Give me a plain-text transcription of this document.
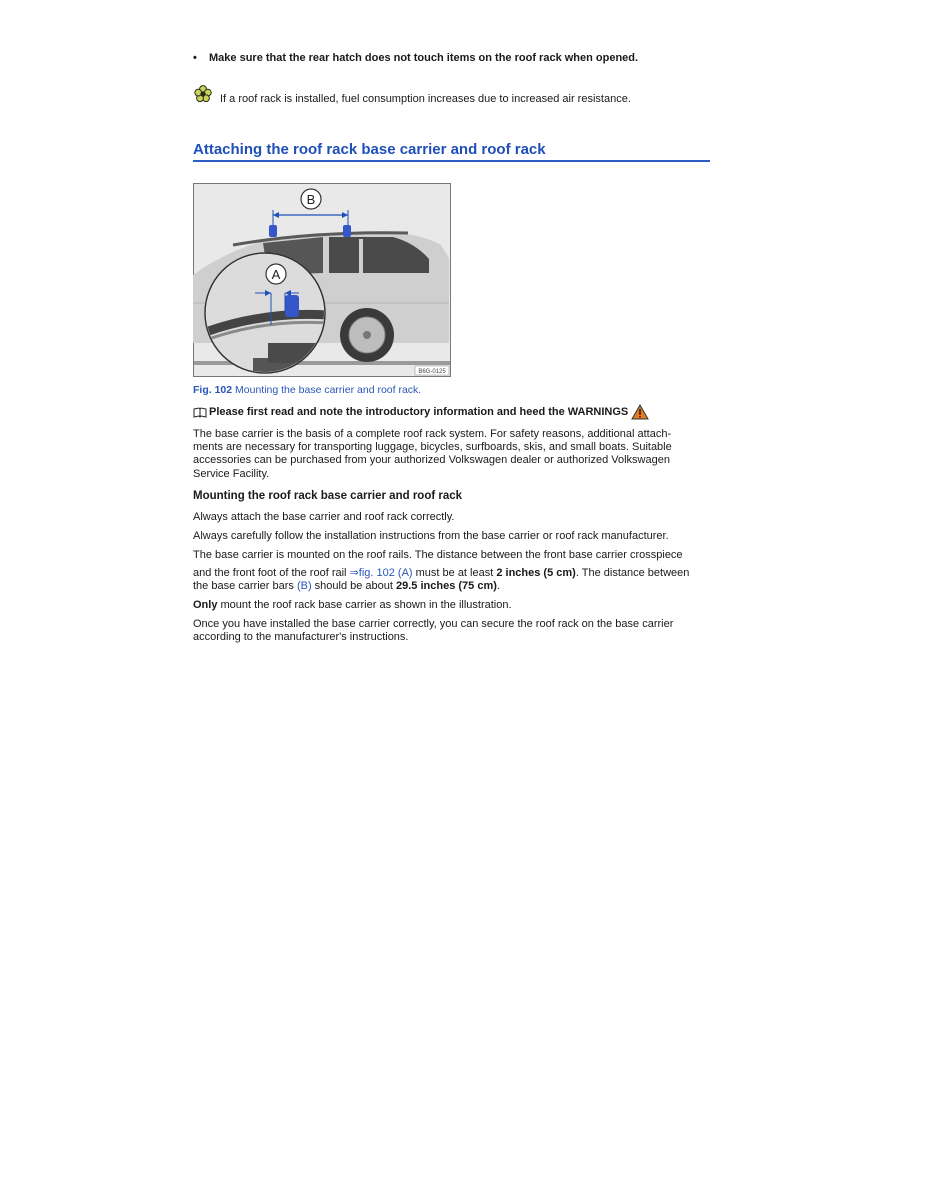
• Make sure that the rear hatch does not touch items on the roof rack when opened.
If a roof rack is installed, fuel consumption increases due to increased air resistance.
Attaching the roof rack base carrier and roof rack
B
A
B6G-0125
Fig. 102 Mounting the base carrier and roof rack.
Please first read and note the introductory information and heed the WARNINGS
The base carrier is the basis of a complete roof rack system. For safety reasons, additional attach-
ments are necessary for transporting luggage, bicycles, surfboards, skis, and small boats. Suitable
accessories can be purchased from your authorized Volkswagen dealer or authorized Volkswagen
Service Facility.
Mounting the roof rack base carrier and roof rack
Always attach the base carrier and roof rack correctly.
Always carefully follow the installation instructions from the base carrier or roof rack manufacturer.
The base carrier is mounted on the roof rails. The distance between the front base carrier crosspiece
and the front foot of the roof rail ⇒fig. 102 (A) must be at least 2 inches (5 cm). The distance between
the base carrier bars (B) should be about 29.5 inches (75 cm).
Only mount the roof rack base carrier as shown in the illustration.
Once you have installed the base carrier correctly, you can secure the roof rack on the base carrier
according to the manufacturer's instructions.
